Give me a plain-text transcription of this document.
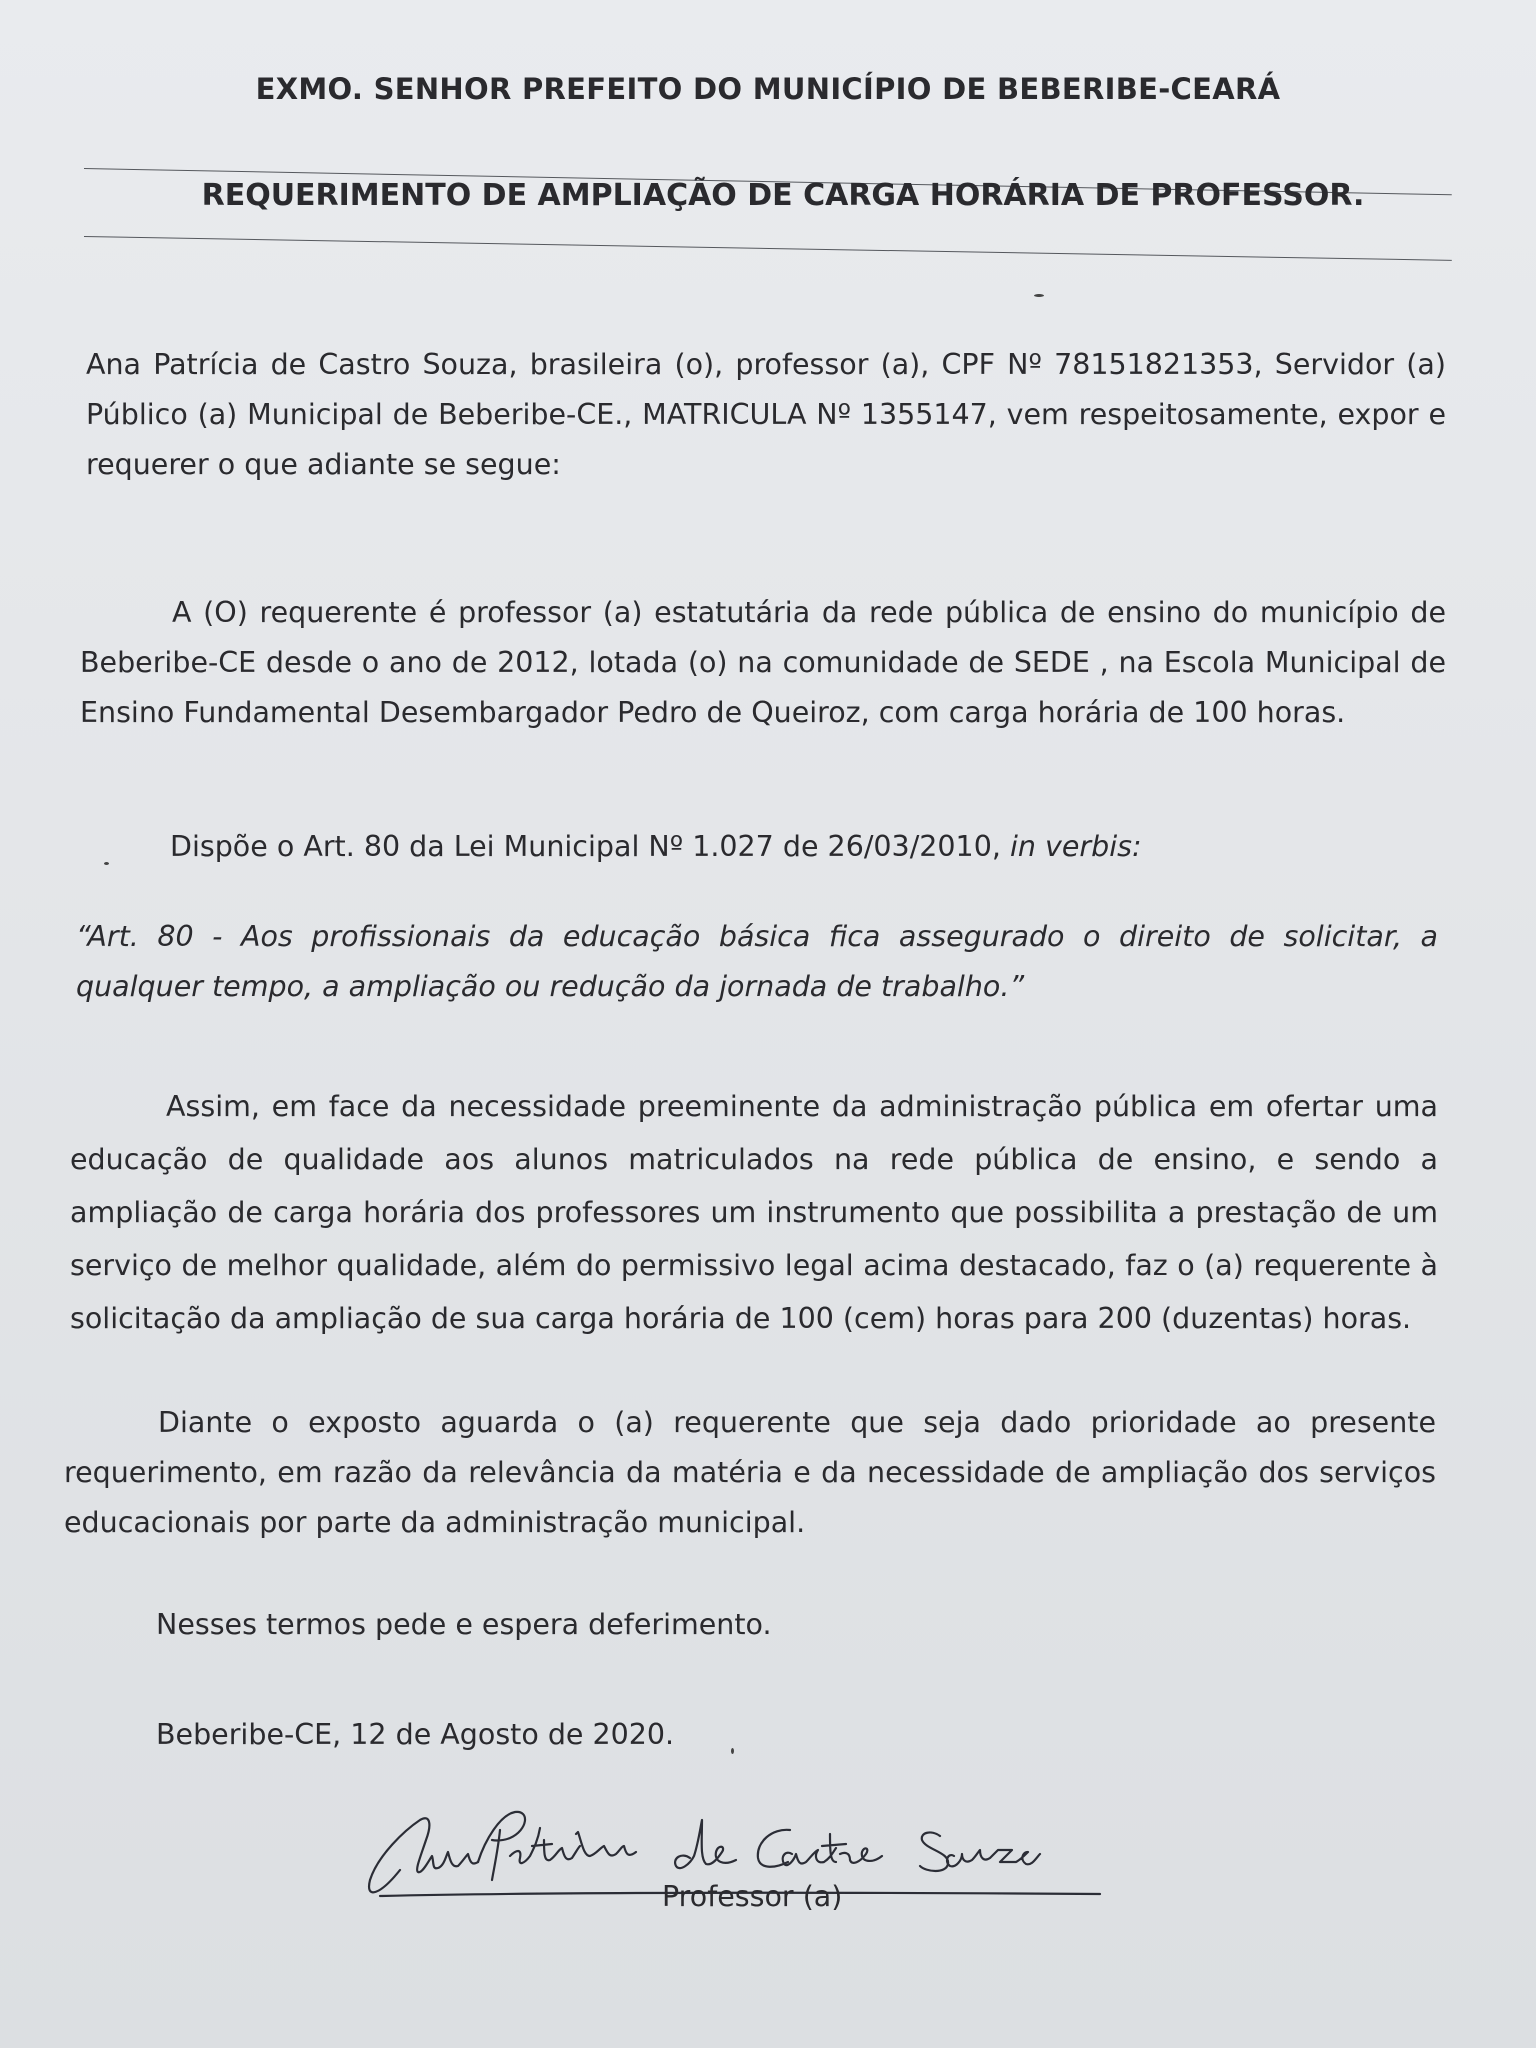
EXMO. SENHOR PREFEITO DO MUNICÍPIO DE BEBERIBE-CEARÁ
REQUERIMENTO DE AMPLIAÇÃO DE CARGA HORÁRIA DE PROFESSOR.

Ana Patrícia de Castro Souza, brasileira (o), professor (a), CPF Nº 78151821353, Servidor (a) Público (a) Municipal de Beberibe-CE., MATRICULA Nº 1355147, vem respeitosamente, expor e requerer o que adiante se segue:

A (O) requerente é professor (a) estatutária da rede pública de ensino do município de Beberibe-CE desde o ano de 2012, lotada (o) na comunidade de SEDE , na Escola Municipal de Ensino Fundamental Desembargador Pedro de Queiroz, com carga horária de 100 horas.

Dispõe o Art. 80 da Lei Municipal Nº 1.027 de 26/03/2010, in verbis:

“Art. 80 - Aos profissionais da educação básica fica assegurado o direito de solicitar, a qualquer tempo, a ampliação ou redução da jornada de trabalho.”

Assim, em face da necessidade preeminente da administração pública em ofertar uma educação de qualidade aos alunos matriculados na rede pública de ensino, e sendo a ampliação de carga horária dos professores um instrumento que possibilita a prestação de um serviço de melhor qualidade, além do permissivo legal acima destacado, faz o (a) requerente à solicitação da ampliação de sua carga horária de 100 (cem) horas para 200 (duzentas) horas.

Diante o exposto aguarda o (a) requerente que seja dado prioridade ao presente requerimento, em razão da relevância da matéria e da necessidade de ampliação dos serviços educacionais por parte da administração municipal.

Nesses termos pede e espera deferimento.
Beberibe-CE, 12 de Agosto de 2020.
Professor (a)
